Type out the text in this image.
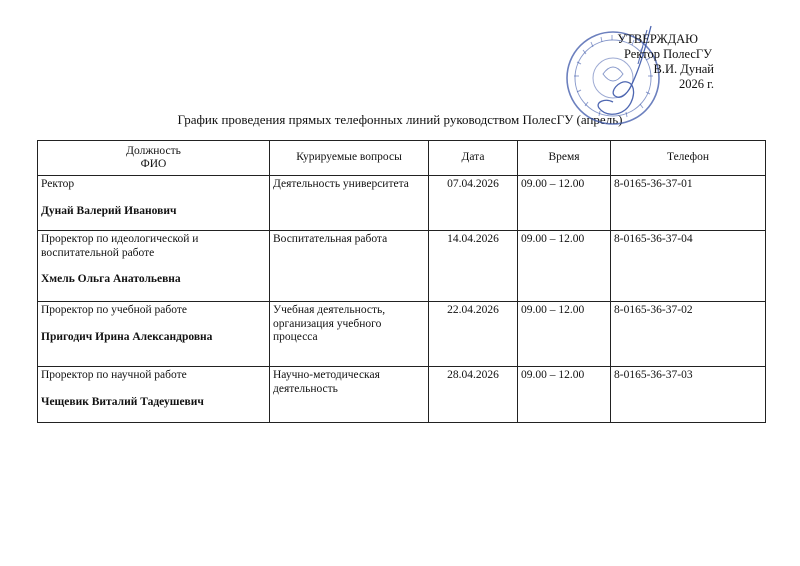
УТВЕРЖДАЮ
Ректор ПолесГУ
В.И. Дунай
2026 г.
График проведения прямых телефонных линий руководством ПолесГУ (апрель)
Должность
ФИО	Курируемые вопросы	Дата	Время	Телефон

Ректор
Дунай Валерий Иванович	Деятельность университета	07.04.2026	09.00 – 12.00	8-0165-36-37-01

Проректор по идеологической и воспитательной работе
Хмель Ольга Анатольевна	Воспитательная работа	14.04.2026	09.00 – 12.00	8-0165-36-37-04

Проректор по учебной работе
Пригодич Ирина Александровна	Учебная деятельность, организация учебного процесса	22.04.2026	09.00 – 12.00	8-0165-36-37-02

Проректор по научной работе
Чещевик Виталий Тадеушевич	Научно-методическая деятельность	28.04.2026	09.00 – 12.00	8-0165-36-37-03
